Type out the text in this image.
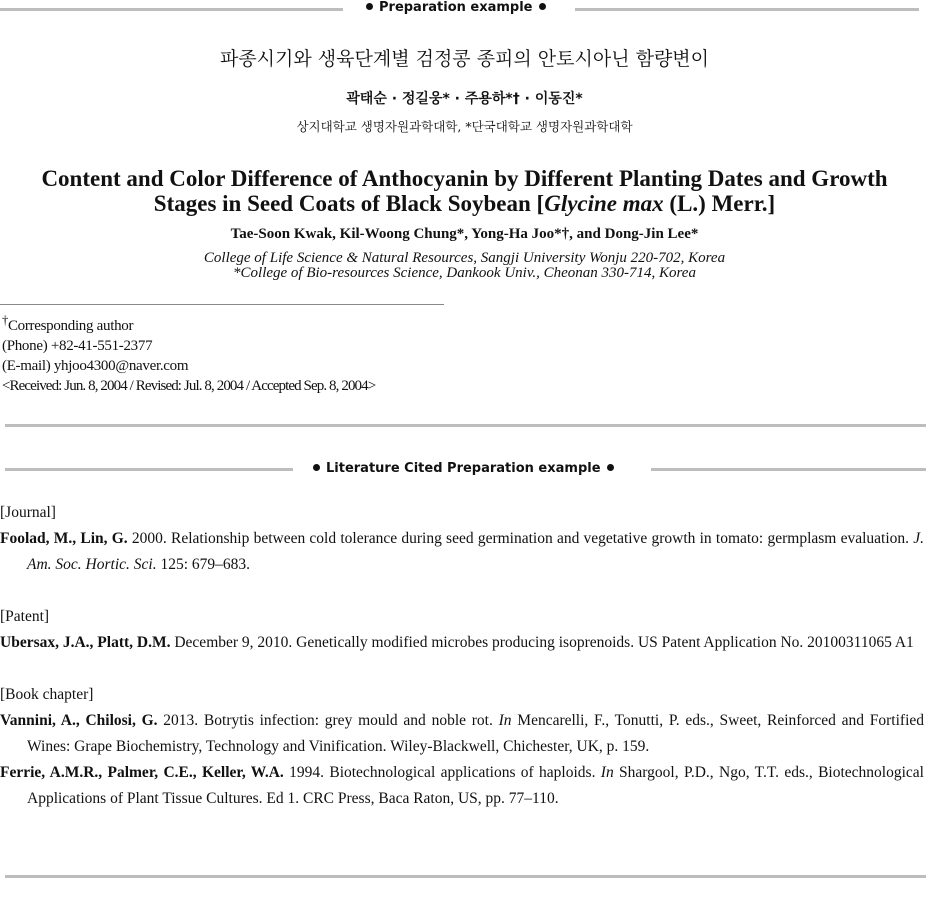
Preparation example
파종시기와 생육단계별 검정콩 종피의 안토시아닌 함량변이
곽태순 · 정길웅* · 주용하*† · 이동진*
상지대학교 생명자원과학대학, *단국대학교 생명자원과학대학
Content and Color Difference of Anthocyanin by Different Planting Dates and Growth
Stages in Seed Coats of Black Soybean [Glycine max (L.) Merr.]
Tae-Soon Kwak, Kil-Woong Chung*, Yong-Ha Joo*†, and Dong-Jin Lee*
College of Life Science & Natural Resources, Sangji University Wonju 220-702, Korea
*College of Bio-resources Science, Dankook Univ., Cheonan 330-714, Korea
†Corresponding author
(Phone) +82-41-551-2377
(E-mail) yhjoo4300@naver.com
<Received: Jun. 8, 2004 / Revised: Jul. 8, 2004 / Accepted Sep. 8, 2004>
Literature Cited Preparation example
[Journal]
Foolad, M., Lin, G. 2000. Relationship between cold tolerance during seed germination and vegetative growth in tomato: germplasm evaluation. J. Am. Soc. Hortic. Sci. 125: 679–683.
[Patent]
Ubersax, J.A., Platt, D.M. December 9, 2010. Genetically modified microbes producing isoprenoids. US Patent Application No. 20100311065 A1
[Book chapter]
Vannini, A., Chilosi, G. 2013. Botrytis infection: grey mould and noble rot. In Mencarelli, F., Tonutti, P. eds., Sweet, Reinforced and Fortified Wines: Grape Biochemistry, Technology and Vinification. Wiley-Blackwell, Chichester, UK, p. 159.
Ferrie, A.M.R., Palmer, C.E., Keller, W.A. 1994. Biotechnological applications of haploids. In Shargool, P.D., Ngo, T.T. eds., Biotechnological Applications of Plant Tissue Cultures. Ed 1. CRC Press, Baca Raton, US, pp. 77–110.
